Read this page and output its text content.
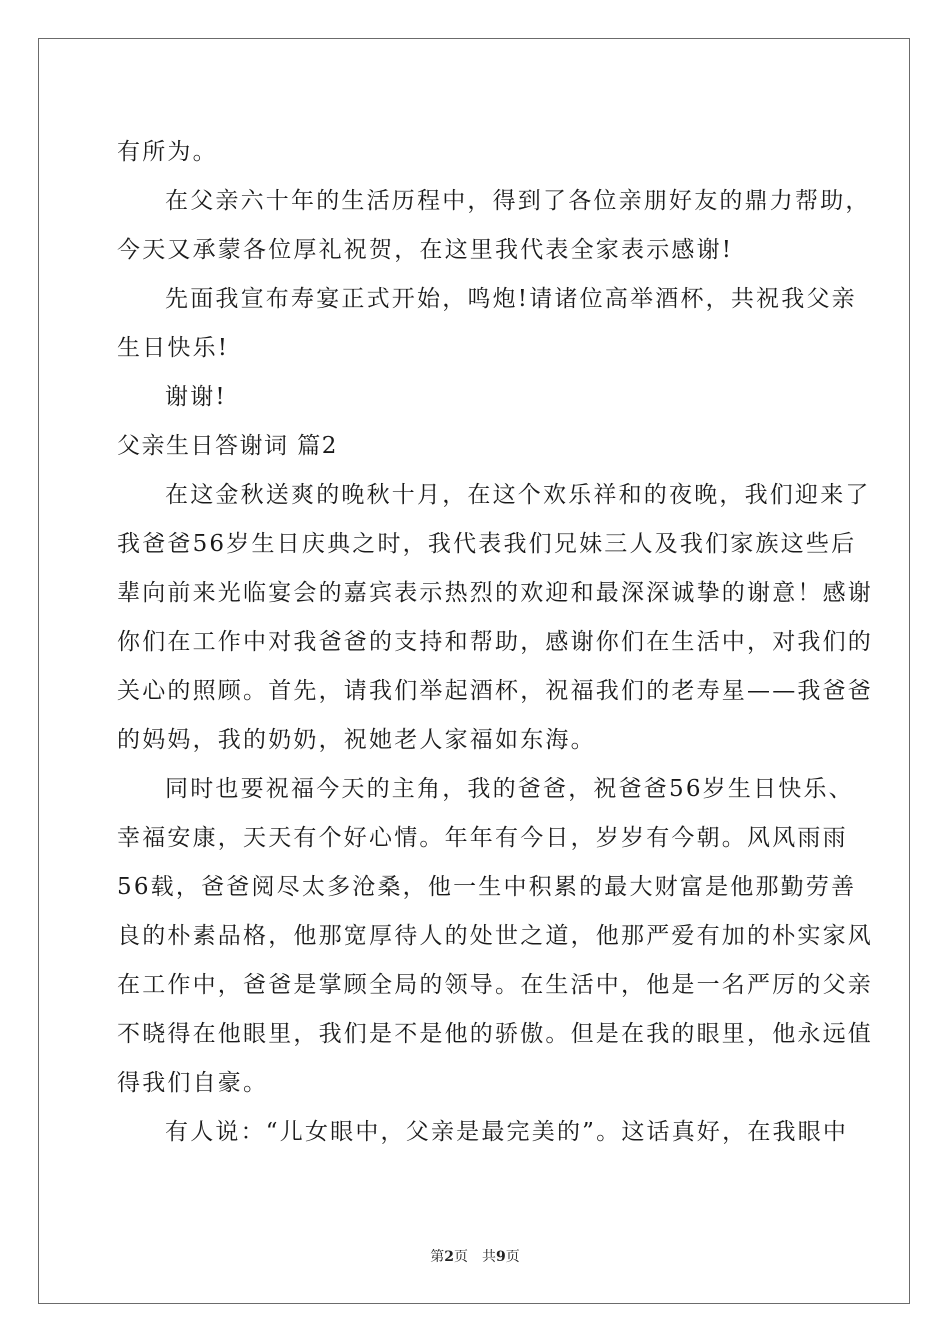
有所为。
在父亲六十年的生活历程中，得到了各位亲朋好友的鼎力帮助，
今天又承蒙各位厚礼祝贺，在这里我代表全家表示感谢!
先面我宣布寿宴正式开始，鸣炮!请诸位高举酒杯，共祝我父亲
生日快乐!
谢谢!
父亲生日答谢词 篇2
在这金秋送爽的晚秋十月，在这个欢乐祥和的夜晚，我们迎来了
我爸爸56岁生日庆典之时，我代表我们兄妹三人及我们家族这些后
辈向前来光临宴会的嘉宾表示热烈的欢迎和最深深诚挚的谢意！感谢
你们在工作中对我爸爸的支持和帮助，感谢你们在生活中，对我们的
关心的照顾。首先，请我们举起酒杯，祝福我们的老寿星——我爸爸
的妈妈，我的奶奶，祝她老人家福如东海。
同时也要祝福今天的主角，我的爸爸，祝爸爸56岁生日快乐、
幸福安康，天天有个好心情。年年有今日，岁岁有今朝。风风雨雨
56载，爸爸阅尽太多沧桑，他一生中积累的最大财富是他那勤劳善
良的朴素品格，他那宽厚待人的处世之道，他那严爱有加的朴实家风
在工作中，爸爸是掌顾全局的领导。在生活中，他是一名严厉的父亲
不晓得在他眼里，我们是不是他的骄傲。但是在我的眼里，他永远值
得我们自豪。
有人说：“儿女眼中，父亲是最完美的”。这话真好，在我眼中
第2页　共9页
